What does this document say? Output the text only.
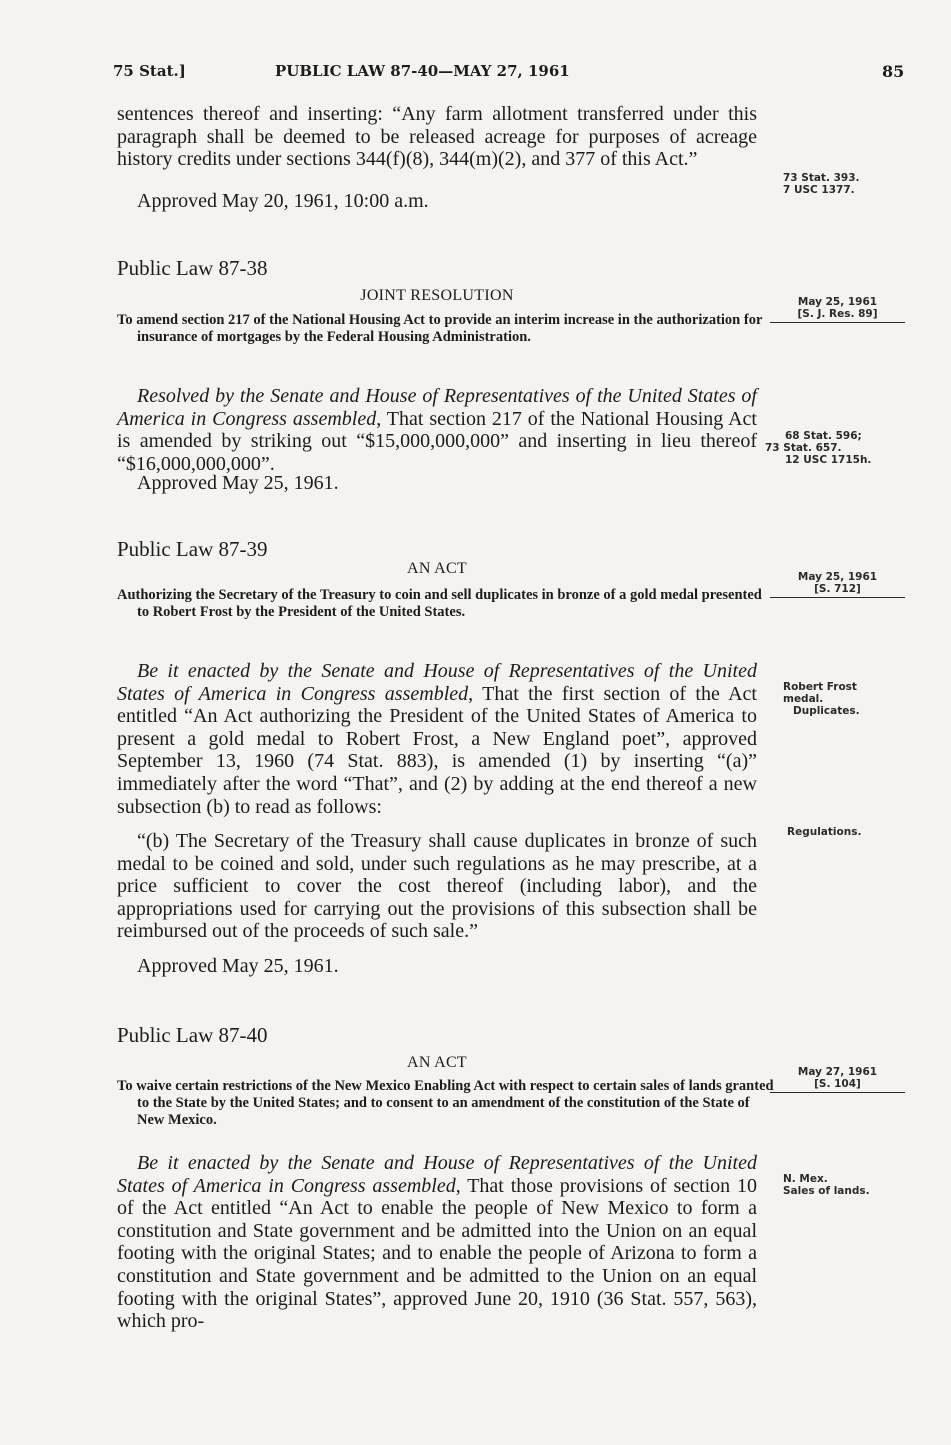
75 Stat.]	PUBLIC LAW 87-40—MAY 27, 1961	85

sentences thereof and inserting: “Any farm allotment transferred under this paragraph shall be deemed to be released acreage for purposes of acreage history credits under sections 344(f)(8), 344(m)(2), and 377 of this Act.”

Approved May 20, 1961, 10:00 a.m.
73 Stat. 393.
7 USC 1377.
Public Law 87-38
JOINT RESOLUTION

To amend section 217 of the National Housing Act to provide an interim increase in the authorization for insurance of mortgages by the Federal Housing Administration.

May 25, 1961
[S. J. Res. 89]

Resolved by the Senate and House of Representatives of the United States of America in Congress assembled, That section 217 of the National Housing Act is amended by striking out “$15,000,000,000” and inserting in lieu thereof “$16,000,000,000”.

Approved May 25, 1961.
68 Stat. 596;
73 Stat. 657.
12 USC 1715h.
Public Law 87-39
AN ACT

Authorizing the Secretary of the Treasury to coin and sell duplicates in bronze of a gold medal presented to Robert Frost by the President of the United States.

May 25, 1961
[S. 712]

Be it enacted by the Senate and House of Representatives of the United States of America in Congress assembled, That the first section of the Act entitled “An Act authorizing the President of the United States of America to present a gold medal to Robert Frost, a New England poet”, approved September 13, 1960 (74 Stat. 883), is amended (1) by inserting “(a)” immediately after the word “That”, and (2) by adding at the end thereof a new subsection (b) to read as follows:

Robert Frost
medal.
Duplicates.

“(b) The Secretary of the Treasury shall cause duplicates in bronze of such medal to be coined and sold, under such regulations as he may prescribe, at a price sufficient to cover the cost thereof (including labor), and the appropriations used for carrying out the provisions of this subsection shall be reimbursed out of the proceeds of such sale.”

Regulations.
Approved May 25, 1961.
Public Law 87-40
AN ACT

To waive certain restrictions of the New Mexico Enabling Act with respect to certain sales of lands granted to the State by the United States; and to consent to an amendment of the constitution of the State of New Mexico.

May 27, 1961
[S. 104]

Be it enacted by the Senate and House of Representatives of the United States of America in Congress assembled, That those provisions of section 10 of the Act entitled “An Act to enable the people of New Mexico to form a constitution and State government and be admitted into the Union on an equal footing with the original States; and to enable the people of Arizona to form a constitution and State government and be admitted to the Union on an equal footing with the original States”, approved June 20, 1910 (36 Stat. 557, 563), which pro-

N. Mex.
Sales of lands.
